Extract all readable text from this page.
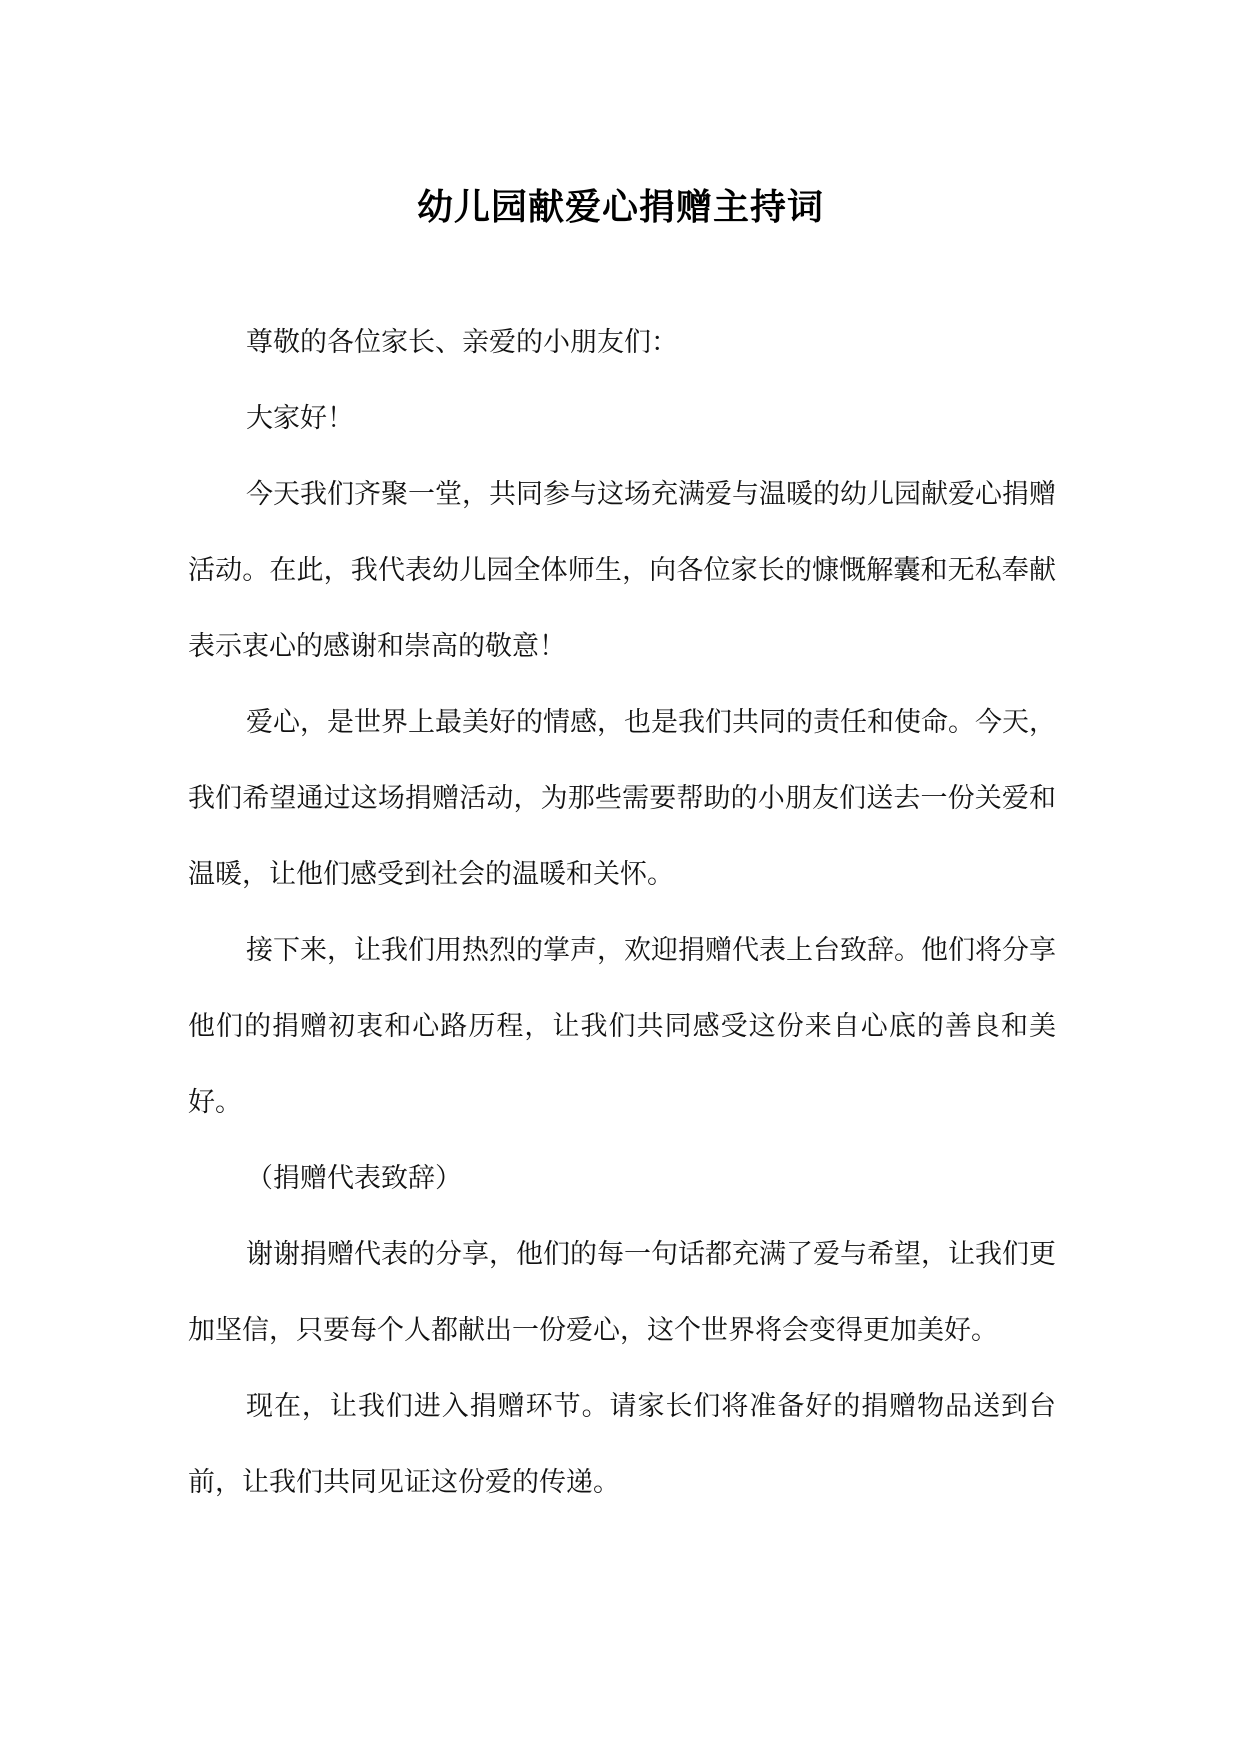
幼儿园献爱心捐赠主持词

尊敬的各位家长、亲爱的小朋友们：

大家好！

今天我们齐聚一堂，共同参与这场充满爱与温暖的幼儿园献爱心捐赠活动。在此，我代表幼儿园全体师生，向各位家长的慷慨解囊和无私奉献表示衷心的感谢和崇高的敬意！

爱心，是世界上最美好的情感，也是我们共同的责任和使命。今天，我们希望通过这场捐赠活动，为那些需要帮助的小朋友们送去一份关爱和温暖，让他们感受到社会的温暖和关怀。

接下来，让我们用热烈的掌声，欢迎捐赠代表上台致辞。他们将分享他们的捐赠初衷和心路历程，让我们共同感受这份来自心底的善良和美好。

（捐赠代表致辞）

谢谢捐赠代表的分享，他们的每一句话都充满了爱与希望，让我们更加坚信，只要每个人都献出一份爱心，这个世界将会变得更加美好。

现在，让我们进入捐赠环节。请家长们将准备好的捐赠物品送到台前，让我们共同见证这份爱的传递。
